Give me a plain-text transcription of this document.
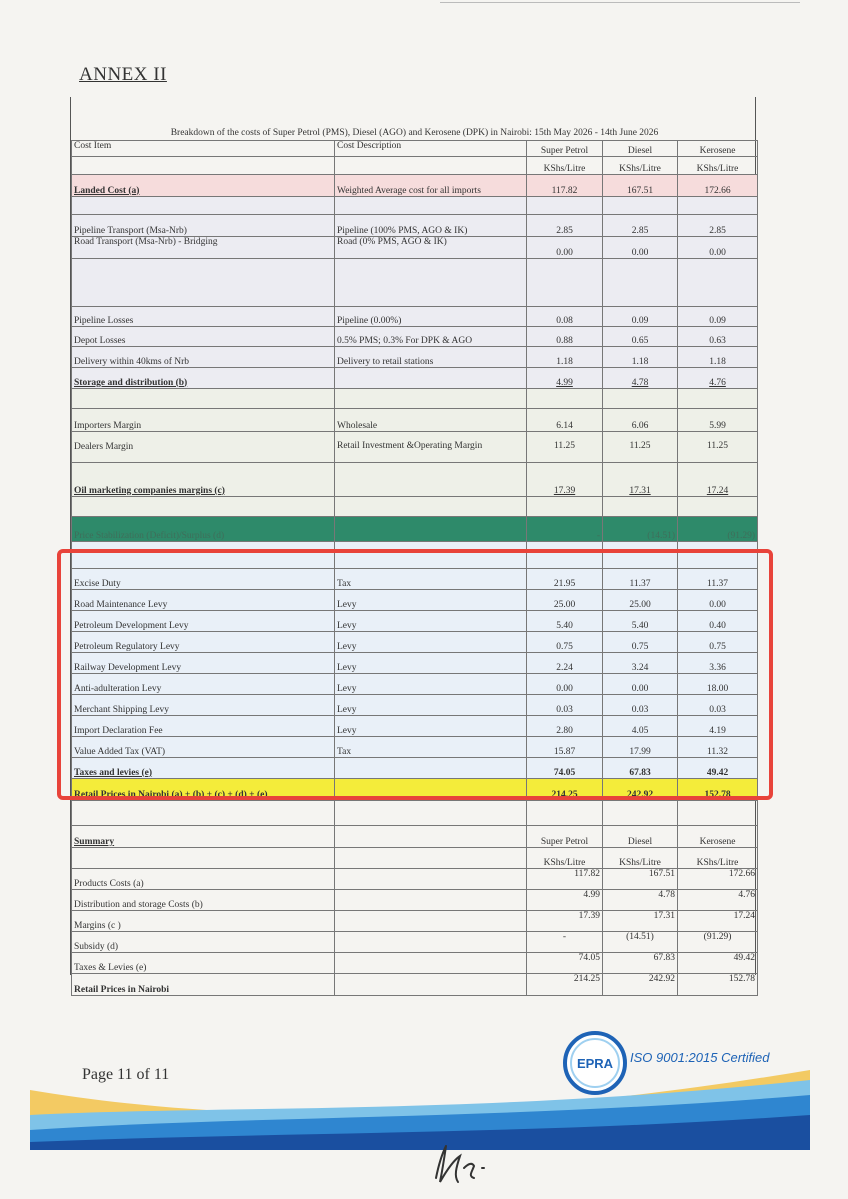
ANNEX II
Breakdown of the costs of Super Petrol (PMS), Diesel (AGO) and Kerosene (DPK) in Nairobi: 15th May 2026 - 14th June 2026				
Cost Item	Cost Description	Super Petrol	Diesel	Kerosene
		KShs/Litre	KShs/Litre	KShs/Litre
Landed Cost (a)	Weighted Average cost for all imports	117.82	167.51	172.66

Pipeline Transport (Msa-Nrb)	Pipeline (100% PMS, AGO & IK)	2.85	2.85	2.85
Road Transport (Msa-Nrb) - Bridging	Road (0% PMS, AGO & IK)	0.00	0.00	0.00

Pipeline Losses	Pipeline (0.00%)	0.08	0.09	0.09
Depot Losses	0.5% PMS; 0.3% For DPK & AGO	0.88	0.65	0.63
Delivery within 40kms of Nrb	Delivery to retail stations	1.18	1.18	1.18
Storage and distribution (b)		4.99	4.78	4.76

Importers Margin	Wholesale	6.14	6.06	5.99
Dealers Margin	Retail Investment &Operating Margin	11.25	11.25	11.25
Oil marketing companies margins (c)		17.39	17.31	17.24

Price Stabilization (Deficit)/Surplus (d)		-	(14.51)	(91.29)

Excise Duty	Tax	21.95	11.37	11.37
Road Maintenance Levy	Levy	25.00	25.00	0.00
Petroleum Development Levy	Levy	5.40	5.40	0.40
Petroleum Regulatory Levy	Levy	0.75	0.75	0.75
Railway Development Levy	Levy	2.24	3.24	3.36
Anti-adulteration Levy	Levy	0.00	0.00	18.00
Merchant Shipping Levy	Levy	0.03	0.03	0.03
Import Declaration Fee	Levy	2.80	4.05	4.19
Value Added Tax (VAT)	Tax	15.87	17.99	11.32
Taxes and levies (e)		74.05	67.83	49.42
Retail Prices in Nairobi (a) + (b) + (c) + (d) + (e)		214.25	242.92	152.78

Summary		Super Petrol	Diesel	Kerosene
		KShs/Litre	KShs/Litre	KShs/Litre
Products Costs (a)		117.82	167.51	172.66
Distribution and storage Costs (b)		4.99	4.78	4.76
Margins (c )		17.39	17.31	17.24
Subsidy (d)		-	(14.51)	(91.29)
Taxes & Levies (e)		74.05	67.83	49.42
Retail Prices in Nairobi		214.25	242.92	152.78
Page 11 of 11
EPRA ISO 9001:2015 Certified
